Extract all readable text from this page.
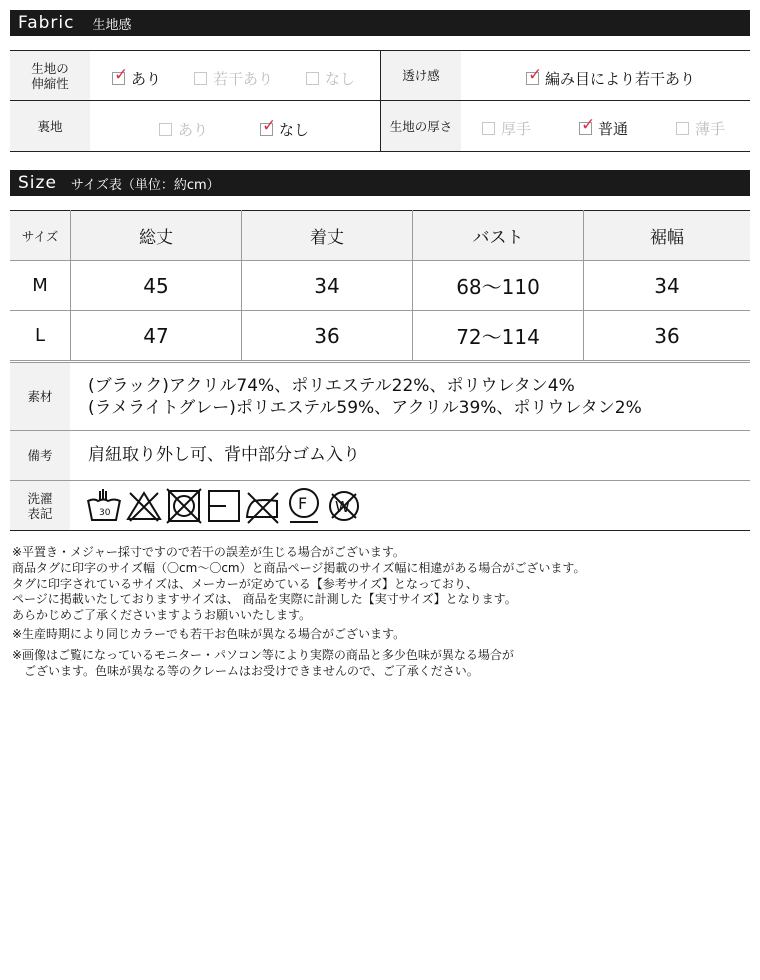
Fabric 生地感
生地の
伸縮性	✓ あり	若干あり	なし	透け感	✓ 編み目により若干あり
裏地	あり	✓ なし	生地の厚さ	厚手	✓ 普通	薄手
Size サイズ表（単位：約cm）
サイズ	総丈	着丈	バスト	裾幅
M	45	34	68〜110	34
L	47	36	72〜114	36
素材
(ブラック)アクリル74%、ポリエステル22%、ポリウレタン4%
(ラメライトグレー)ポリエステル59%、アクリル39%、ポリウレタン2%
備考	肩紐取り外し可、背中部分ゴム入り
洗濯
表記	30	F W
※平置き・メジャー採寸ですので若干の誤差が生じる場合がございます。
商品タグに印字のサイズ幅（〇cm〜〇cm）と商品ページ掲載のサイズ幅に相違がある場合がございます。
タグに印字されているサイズは、メーカーが定めている【参考サイズ】となっており、
ページに掲載いたしておりますサイズは、 商品を実際に計測した【実寸サイズ】となります。
あらかじめご了承くださいますようお願いいたします。
※生産時期により同じカラーでも若干お色味が異なる場合がございます。
※画像はご覧になっているモニター・パソコン等により実際の商品と多少色味が異なる場合が
　ございます。色味が異なる等のクレームはお受けできませんので、ご了承ください。
